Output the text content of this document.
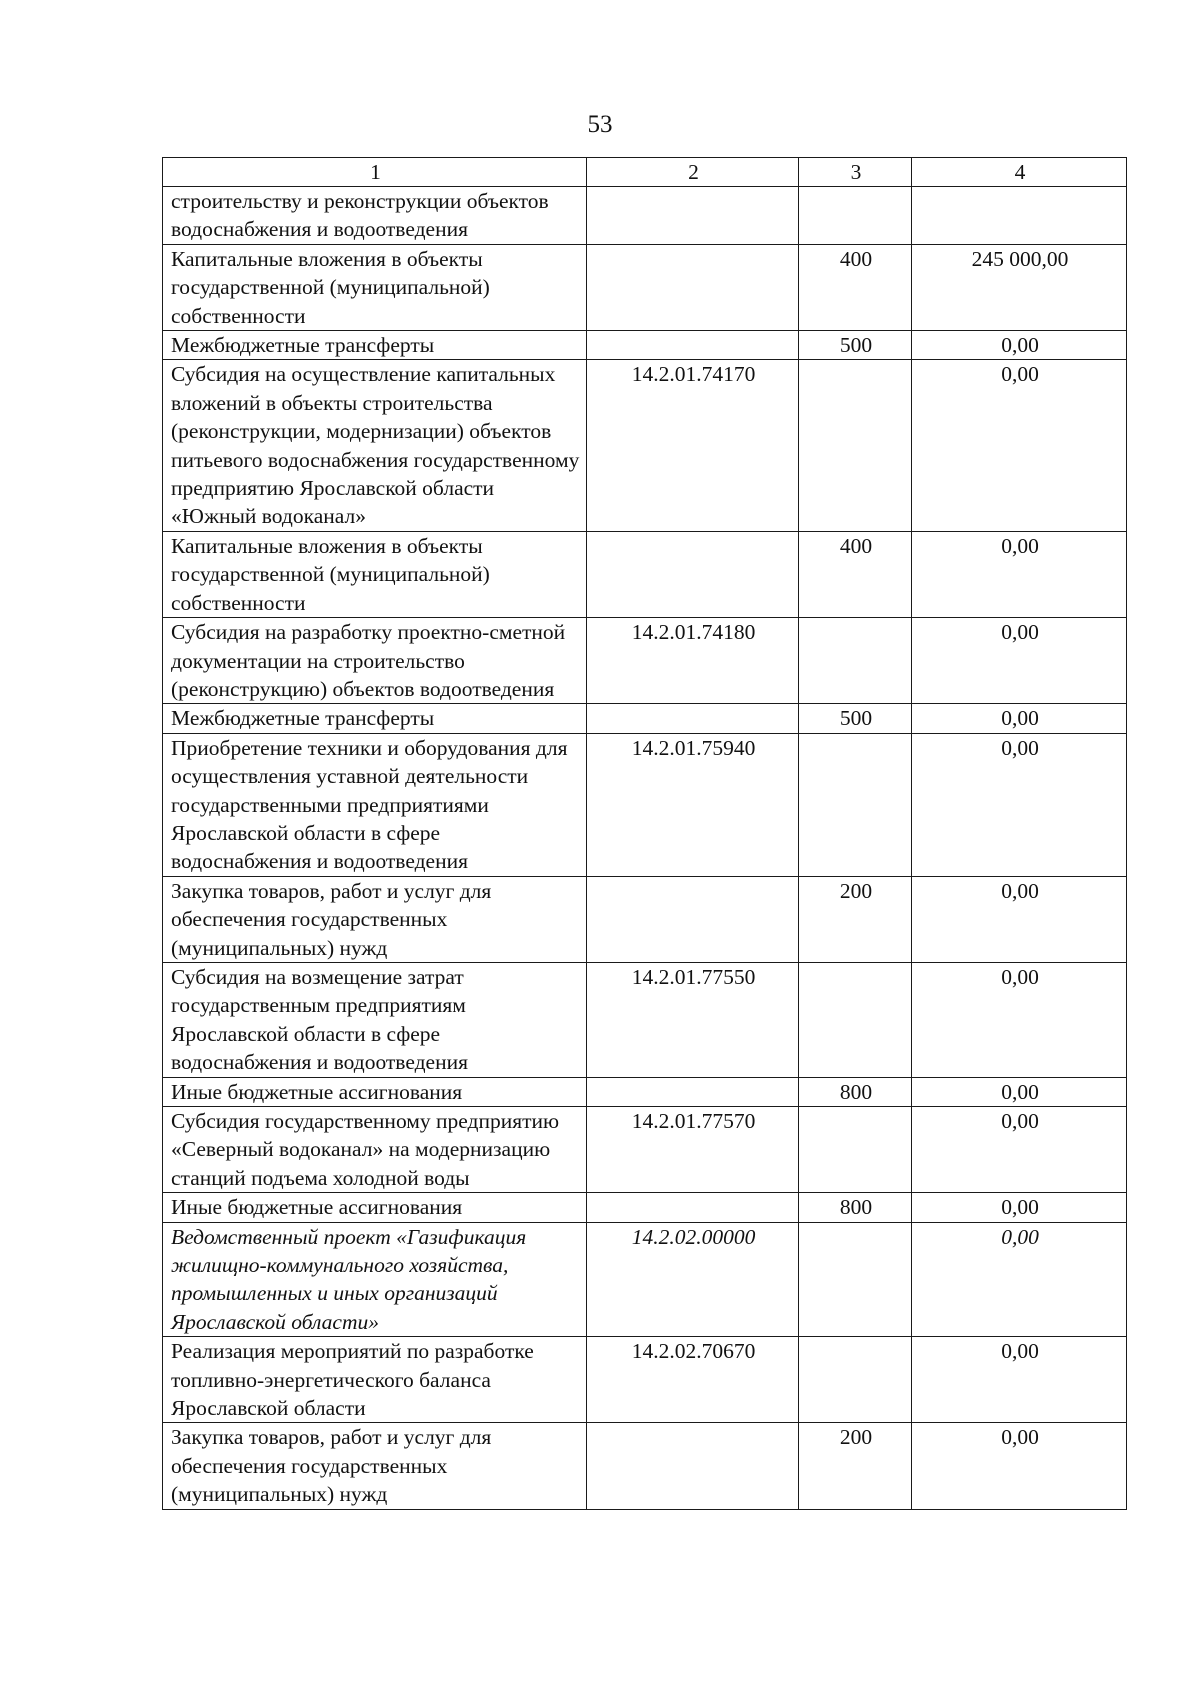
53
1	2	3	4
строительству и реконструкции объектов водоснабжения и водоотведения			
Капитальные вложения в объекты государственной (муниципальной) собственности		400	245 000,00
Межбюджетные трансферты		500	0,00
Субсидия на осуществление капитальных вложений в объекты строительства (реконструкции, модернизации) объектов питьевого водоснабжения государственному предприятию Ярославской области «Южный водоканал»	14.2.01.74170		0,00
Капитальные вложения в объекты государственной (муниципальной) собственности		400	0,00
Субсидия на разработку проектно-сметной документации на строительство (реконструкцию) объектов водоотведения	14.2.01.74180		0,00
Межбюджетные трансферты		500	0,00
Приобретение техники и оборудования для осуществления уставной деятельности государственными предприятиями Ярославской области в сфере водоснабжения и водоотведения	14.2.01.75940		0,00
Закупка товаров, работ и услуг для обеспечения государственных (муниципальных) нужд		200	0,00
Субсидия на возмещение затрат государственным предприятиям Ярославской области в сфере водоснабжения и водоотведения	14.2.01.77550		0,00
Иные бюджетные ассигнования		800	0,00
Субсидия государственному предприятию «Северный водоканал» на модернизацию станций подъема холодной воды	14.2.01.77570		0,00
Иные бюджетные ассигнования		800	0,00
Ведомственный проект «Газификация жилищно-коммунального хозяйства, промышленных и иных организаций Ярославской области»	14.2.02.00000		0,00
Реализация мероприятий по разработке топливно-энергетического баланса Ярославской области	14.2.02.70670		0,00
Закупка товаров, работ и услуг для обеспечения государственных (муниципальных) нужд		200	0,00
